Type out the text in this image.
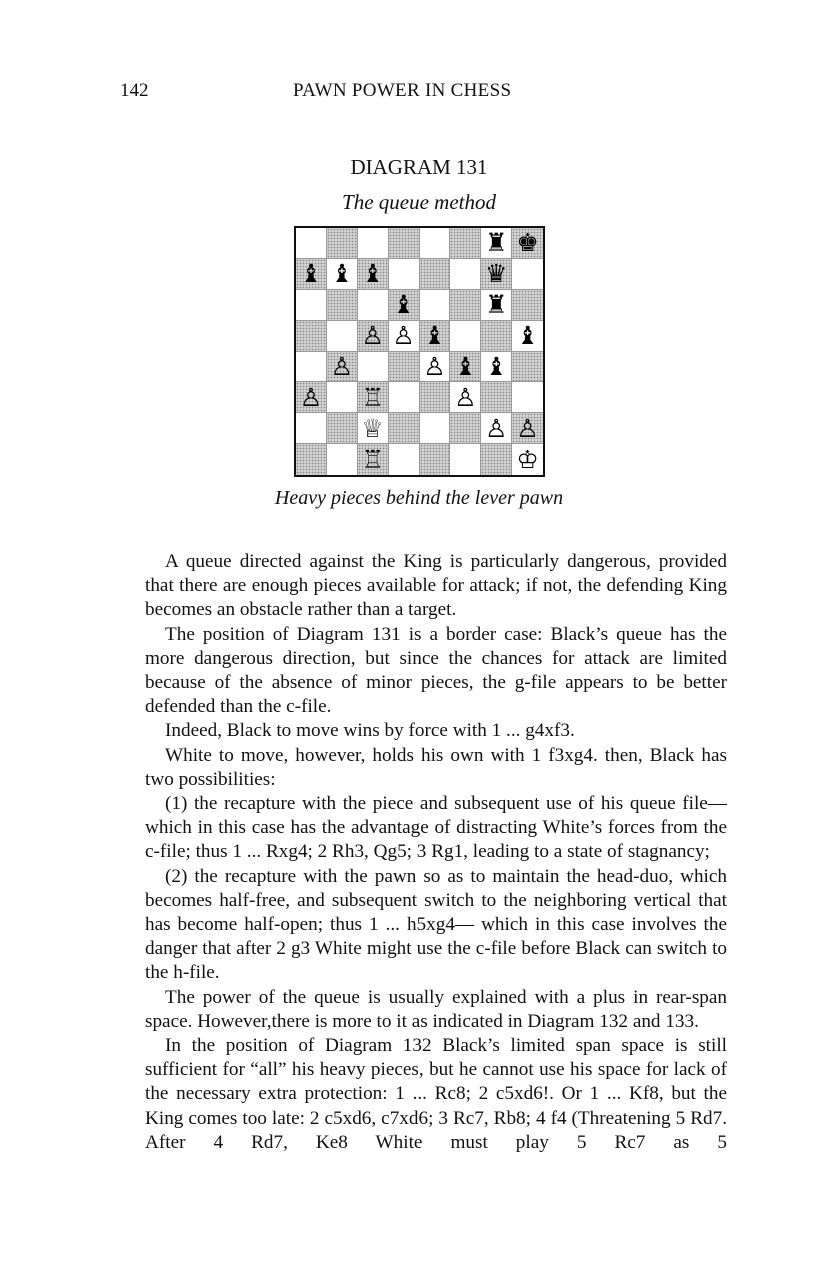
142	PAWN POWER IN CHESS
DIAGRAM 131
The queue method
♜ ♚
♝ ♝ ♝	♛
♝	♜
♙ ♙ ♝	♝
♙	♙ ♝ ♝
♙ ♖	♙
♕	♙ ♙
♖	♔
Heavy pieces behind the lever pawn

A queue directed against the King is particularly dangerous, provided that there are enough pieces available for attack; if not, the defending King becomes an obstacle rather than a target.

The position of Diagram 131 is a border case: Black’s queue has the more dangerous direction, but since the chances for attack are limited because of the absence of minor pieces, the g-file appears to be better defended than the c-file.

Indeed, Black to move wins by force with 1 ... g4xf3.

White to move, however, holds his own with 1 f3xg4. then, Black has two possibilities:

(1) the recapture with the piece and subsequent use of his queue file—which in this case has the advantage of distracting White’s forces from the c-file; thus 1 ... Rxg4; 2 Rh3, Qg5; 3 Rg1, leading to a state of stagnancy;

(2) the recapture with the pawn so as to maintain the head-duo, which becomes half-free, and subsequent switch to the neighboring vertical that has become half-open; thus 1 ... h5xg4— which in this case involves the danger that after 2 g3 White might use the c-file before Black can switch to the h-file.

The power of the queue is usually explained with a plus in rear-span space. However,there is more to it as indicated in Diagram 132 and 133.

In the position of Diagram 132 Black’s limited span space is still sufficient for “all” his heavy pieces, but he cannot use his space for lack of the necessary extra protection: 1 ... Rc8; 2 c5xd6!. Or 1 ... Kf8, but the King comes too late: 2 c5xd6, c7xd6; 3 Rc7, Rb8; 4 f4 (Threatening 5 Rd7. After 4 Rd7, Ke8 White must play 5 Rc7 as 5
